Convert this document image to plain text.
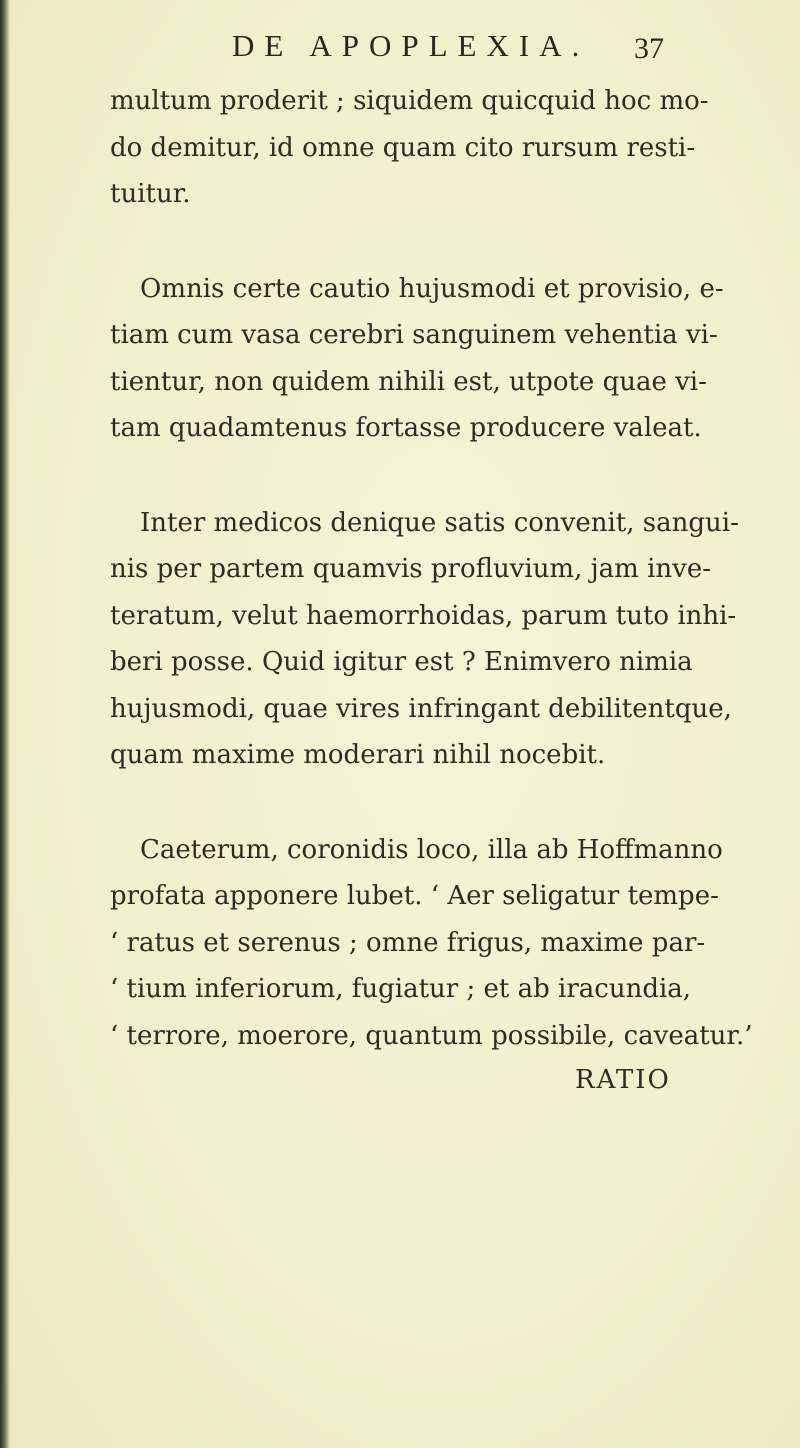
DE APOPLEXIA. 37
multum proderit ; siquidem quicquid hoc mo-
do demitur, id omne quam cito rursum resti-
tuitur.
Omnis certe cautio hujusmodi et provisio, e-
tiam cum vasa cerebri sanguinem vehentia vi-
tientur, non quidem nihili est, utpote quae vi-
tam quadamtenus fortasse producere valeat.
Inter medicos denique satis convenit, sangui-
nis per partem quamvis profluvium, jam inve-
teratum, velut haemorrhoidas, parum tuto inhi-
beri posse. Quid igitur est ? Enimvero nimia
hujusmodi, quae vires infringant debilitentque,
quam maxime moderari nihil nocebit.
Caeterum, coronidis loco, illa ab Hoffmanno
profata apponere lubet. ‘ Aer seligatur tempe-
‘ ratus et serenus ; omne frigus, maxime par-
‘ tium inferiorum, fugiatur ; et ab iracundia,
‘ terrore, moerore, quantum possibile, caveatur.’
RATIO
